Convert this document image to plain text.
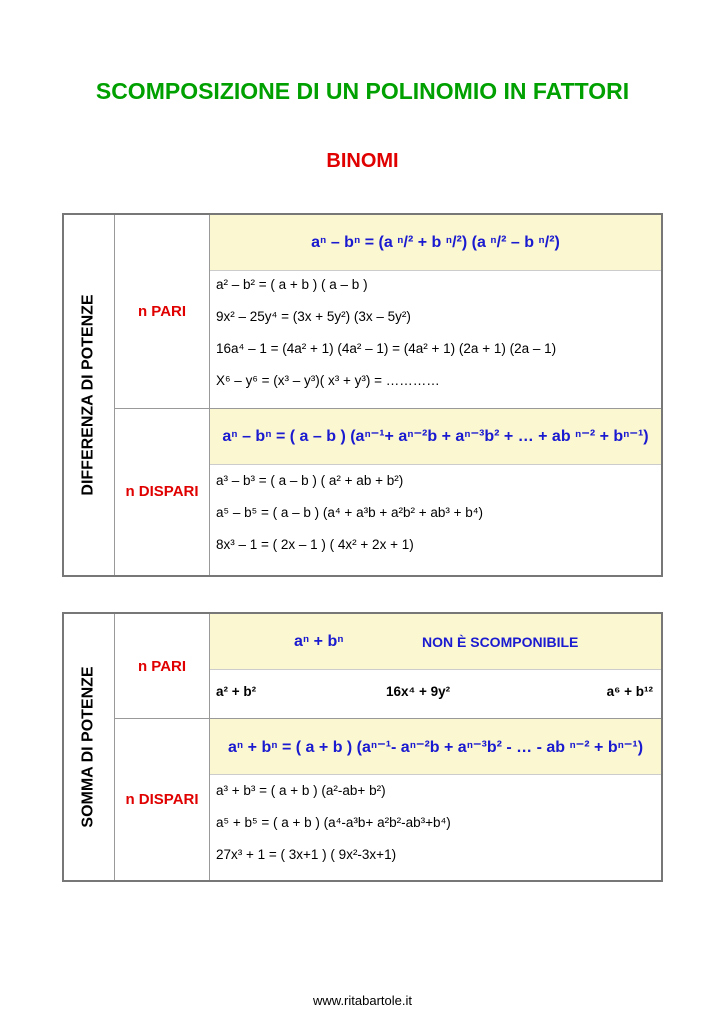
SCOMPOSIZIONE DI UN POLINOMIO IN FATTORI
BINOMI
DIFFERENZA DI POTENZE	n PARI	aⁿ – bⁿ = (a ⁿ/² + b ⁿ/²) (a ⁿ/² – b ⁿ/²)
a² – b² = ( a + b ) ( a – b )
9x² – 25y⁴ = (3x + 5y²) (3x – 5y²)
16a⁴ – 1 = (4a² + 1) (4a² – 1) = (4a² + 1) (2a + 1) (2a – 1)
X⁶ – y⁶ = (x³ – y³)( x³ + y³) = …………

	n DISPARI	aⁿ – bⁿ = ( a – b ) (aⁿ⁻¹+ aⁿ⁻²b + aⁿ⁻³b² + … + ab ⁿ⁻² + bⁿ⁻¹)
a³ – b³ = ( a – b ) ( a² + ab + b²)
a⁵ – b⁵ = ( a – b ) (a⁴ + a³b + a²b² + ab³ + b⁴)
8x³ – 1 = ( 2x – 1 ) ( 4x² + 2x + 1)
SOMMA DI POTENZE	n PARI	aⁿ + bⁿ NON È SCOMPONIBILE
a² + b² 16x⁴ + 9y² a⁶ + b¹²

	n DISPARI	aⁿ + bⁿ = ( a + b ) (aⁿ⁻¹- aⁿ⁻²b + aⁿ⁻³b² - … - ab ⁿ⁻² + bⁿ⁻¹)
a³ + b³ = ( a + b ) (a²-ab+ b²)
a⁵ + b⁵ = ( a + b ) (a⁴-a³b+ a²b²-ab³+b⁴)
27x³ + 1 = ( 3x+1 ) ( 9x²-3x+1)
www.ritabartole.it
